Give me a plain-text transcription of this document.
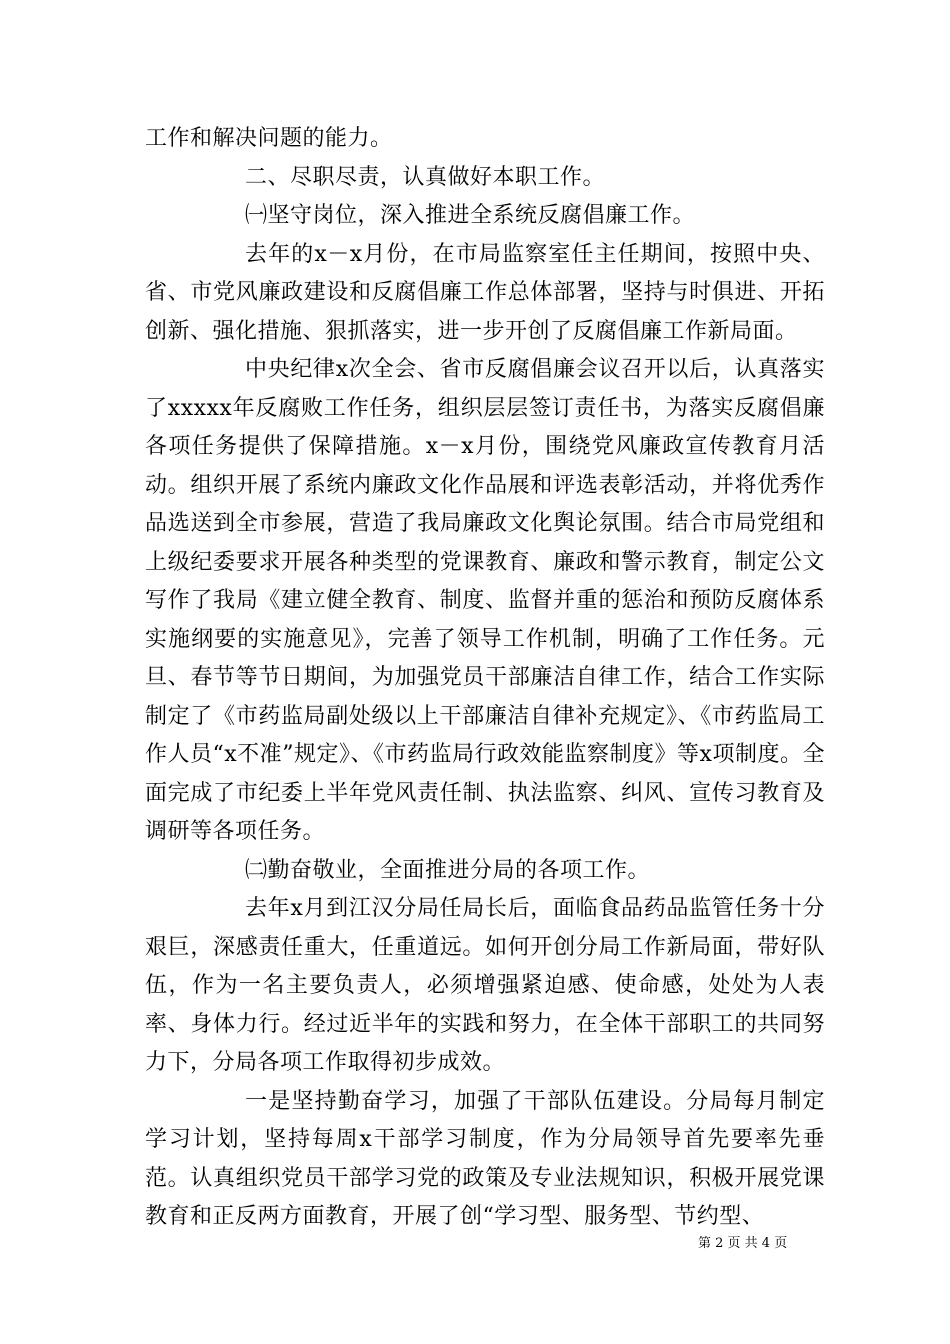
工作和解决问题的能力。

二、尽职尽责，认真做好本职工作。

㈠坚守岗位，深入推进全系统反腐倡廉工作。

去年的x－x月份，在市局监察室任主任期间，按照中央、省、市党风廉政建设和反腐倡廉工作总体部署，坚持与时俱进、开拓创新、强化措施、狠抓落实，进一步开创了反腐倡廉工作新局面。

中央纪律x次全会、省市反腐倡廉会议召开以后，认真落实了xxxxx年反腐败工作任务，组织层层签订责任书，为落实反腐倡廉各项任务提供了保障措施。x－x月份，围绕党风廉政宣传教育月活动。组织开展了系统内廉政文化作品展和评选表彰活动，并将优秀作品选送到全市参展，营造了我局廉政文化舆论氛围。结合市局党组和上级纪委要求开展各种类型的党课教育、廉政和警示教育，制定公文写作了我局《建立健全教育、制度、监督并重的惩治和预防反腐体系实施纲要的实施意见》，完善了领导工作机制，明确了工作任务。元旦、春节等节日期间，为加强党员干部廉洁自律工作，结合工作实际制定了《市药监局副处级以上干部廉洁自律补充规定》、《市药监局工作人员“x不准”规定》、《市药监局行政效能监察制度》等x项制度。全面完成了市纪委上半年党风责任制、执法监察、纠风、宣传习教育及调研等各项任务。

㈡勤奋敬业，全面推进分局的各项工作。

去年x月到江汉分局任局长后，面临食品药品监管任务十分艰巨，深感责任重大，任重道远。如何开创分局工作新局面，带好队伍，作为一名主要负责人，必须增强紧迫感、使命感，处处为人表率、身体力行。经过近半年的实践和努力，在全体干部职工的共同努力下，分局各项工作取得初步成效。

一是坚持勤奋学习，加强了干部队伍建设。分局每月制定学习计划，坚持每周x干部学习制度，作为分局领导首先要率先垂范。认真组织党员干部学习党的政策及专业法规知识，积极开展党课教育和正反两方面教育，开展了创“学习型、服务型、节约型、

第 2 页 共 4 页
